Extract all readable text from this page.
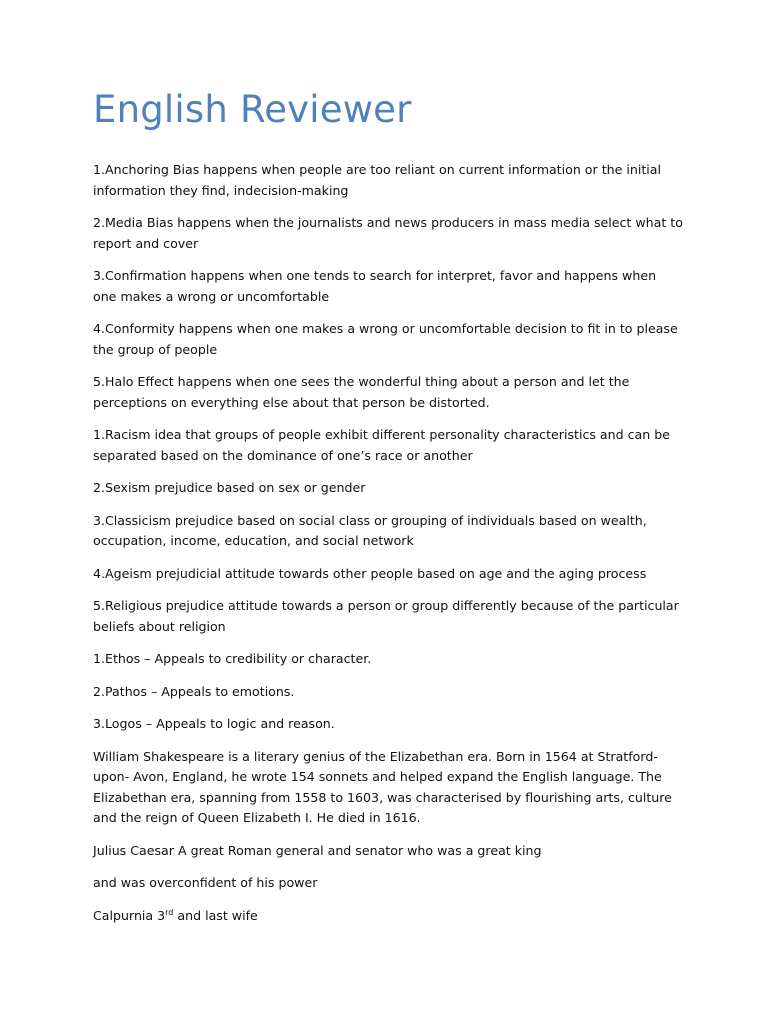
English Reviewer

1.Anchoring Bias happens when people are too reliant on current information or the initial information they find, indecision-making

2.Media Bias happens when the journalists and news producers in mass media select what to report and cover

3.Confirmation happens when one tends to search for interpret, favor and happens when one makes a wrong or uncomfortable

4.Conformity happens when one makes a wrong or uncomfortable decision to fit in to please the group of people

5.Halo Effect happens when one sees the wonderful thing about a person and let the perceptions on everything else about that person be distorted.

1.Racism idea that groups of people exhibit different personality characteristics and can be separated based on the dominance of one’s race or another

2.Sexism prejudice based on sex or gender

3.Classicism prejudice based on social class or grouping of individuals based on wealth, occupation, income, education, and social network

4.Ageism prejudicial attitude towards other people based on age and the aging process

5.Religious prejudice attitude towards a person or group differently because of the particular beliefs about religion

1.Ethos – Appeals to credibility or character.

2.Pathos – Appeals to emotions.

3.Logos – Appeals to logic and reason.

William Shakespeare is a literary genius of the Elizabethan era. Born in 1564 at Stratford-upon- Avon, England, he wrote 154 sonnets and helped expand the English language. The Elizabethan era, spanning from 1558 to 1603, was characterised by flourishing arts, culture and the reign of Queen Elizabeth I. He died in 1616.

Julius Caesar A great Roman general and senator who was a great king

and was overconfident of his power

Calpurnia 3rd and last wife
